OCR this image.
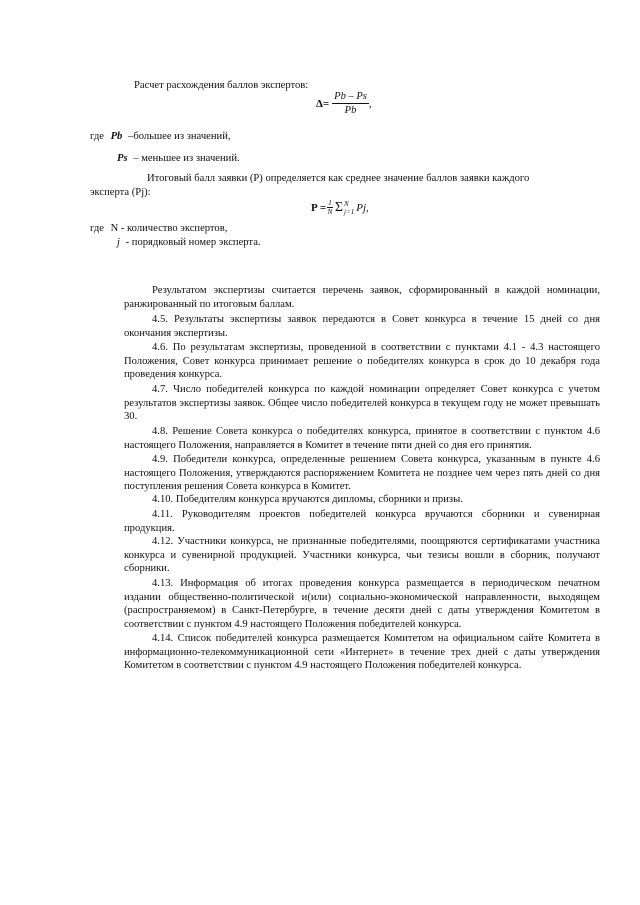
Расчет расхождения баллов экспертов:
$\Delta= \frac{Pb - Ps}{Pb}$ ,
где Pb –большее из значений,
Ps – меньшее из значений.
Итоговый балл заявки (P) определяется как среднее значение баллов заявки каждого
эксперта (Pj):
$P = \frac{1}{N}$ Σ N
j=1 Pj ,
где N - количество экспертов,
j - порядковый номер эксперта.
Результатом экспертизы считается перечень заявок, сформированный в каждой номинации, ранжированный по итоговым баллам.
4.5. Результаты экспертизы заявок передаются в Совет конкурса в течение 15 дней со дня окончания экспертизы.
4.6. По результатам экспертизы, проведенной в соответствии с пунктами 4.1 - 4.3 настоящего Положения, Совет конкурса принимает решение о победителях конкурса в срок до 10 декабря года проведения конкурса.
4.7. Число победителей конкурса по каждой номинации определяет Совет конкурса с учетом результатов экспертизы заявок. Общее число победителей конкурса в текущем году не может превышать 30.
4.8. Решение Совета конкурса о победителях конкурса, принятое в соответствии с пунктом 4.6 настоящего Положения, направляется в Комитет в течение пяти дней со дня его принятия.
4.9. Победители конкурса, определенные решением Совета конкурса, указанным в пункте 4.6 настоящего Положения, утверждаются распоряжением Комитета не позднее чем через пять дней со дня поступления решения Совета конкурса в Комитет.
4.10. Победителям конкурса вручаются дипломы, сборники и призы.
4.11. Руководителям проектов победителей конкурса вручаются сборники и сувенирная продукция.
4.12. Участники конкурса, не признанные победителями, поощряются сертификатами участника конкурса и сувенирной продукцией. Участники конкурса, чьи тезисы вошли в сборник, получают сборники.
4.13. Информация об итогах проведения конкурса размещается в периодическом печатном издании общественно-политической и(или) социально-экономической направленности, выходящем (распространяемом) в Санкт-Петербурге, в течение десяти дней с даты утверждения Комитетом в соответствии с пунктом 4.9 настоящего Положения победителей конкурса.
4.14. Список победителей конкурса размещается Комитетом на официальном сайте Комитета в информационно-телекоммуникационной сети «Интернет» в течение трех дней с даты утверждения Комитетом в соответствии с пунктом 4.9 настоящего Положения победителей конкурса.
